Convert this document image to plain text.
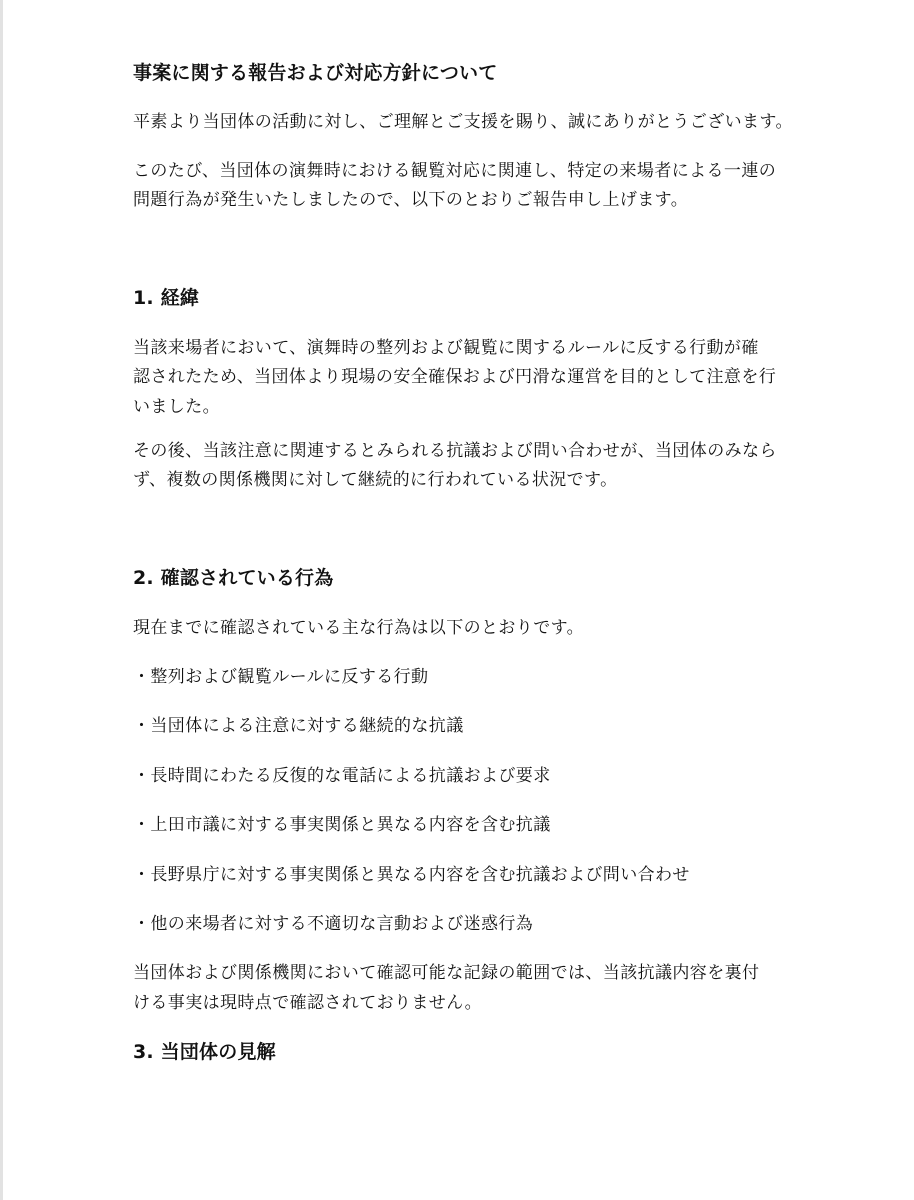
事案に関する報告および対応方針について
平素より当団体の活動に対し、ご理解とご支援を賜り、誠にありがとうございます。
このたび、当団体の演舞時における観覧対応に関連し、特定の来場者による一連の
問題行為が発生いたしましたので、以下のとおりご報告申し上げます。
1. 経緯
当該来場者において、演舞時の整列および観覧に関するルールに反する行動が確
認されたため、当団体より現場の安全確保および円滑な運営を目的として注意を行
いました。
その後、当該注意に関連するとみられる抗議および問い合わせが、当団体のみなら
ず、複数の関係機関に対して継続的に行われている状況です。
2. 確認されている行為
現在までに確認されている主な行為は以下のとおりです。
・整列および観覧ルールに反する行動
・当団体による注意に対する継続的な抗議
・長時間にわたる反復的な電話による抗議および要求
・上田市議に対する事実関係と異なる内容を含む抗議
・長野県庁に対する事実関係と異なる内容を含む抗議および問い合わせ
・他の来場者に対する不適切な言動および迷惑行為
当団体および関係機関において確認可能な記録の範囲では、当該抗議内容を裏付
ける事実は現時点で確認されておりません。
3. 当団体の見解
